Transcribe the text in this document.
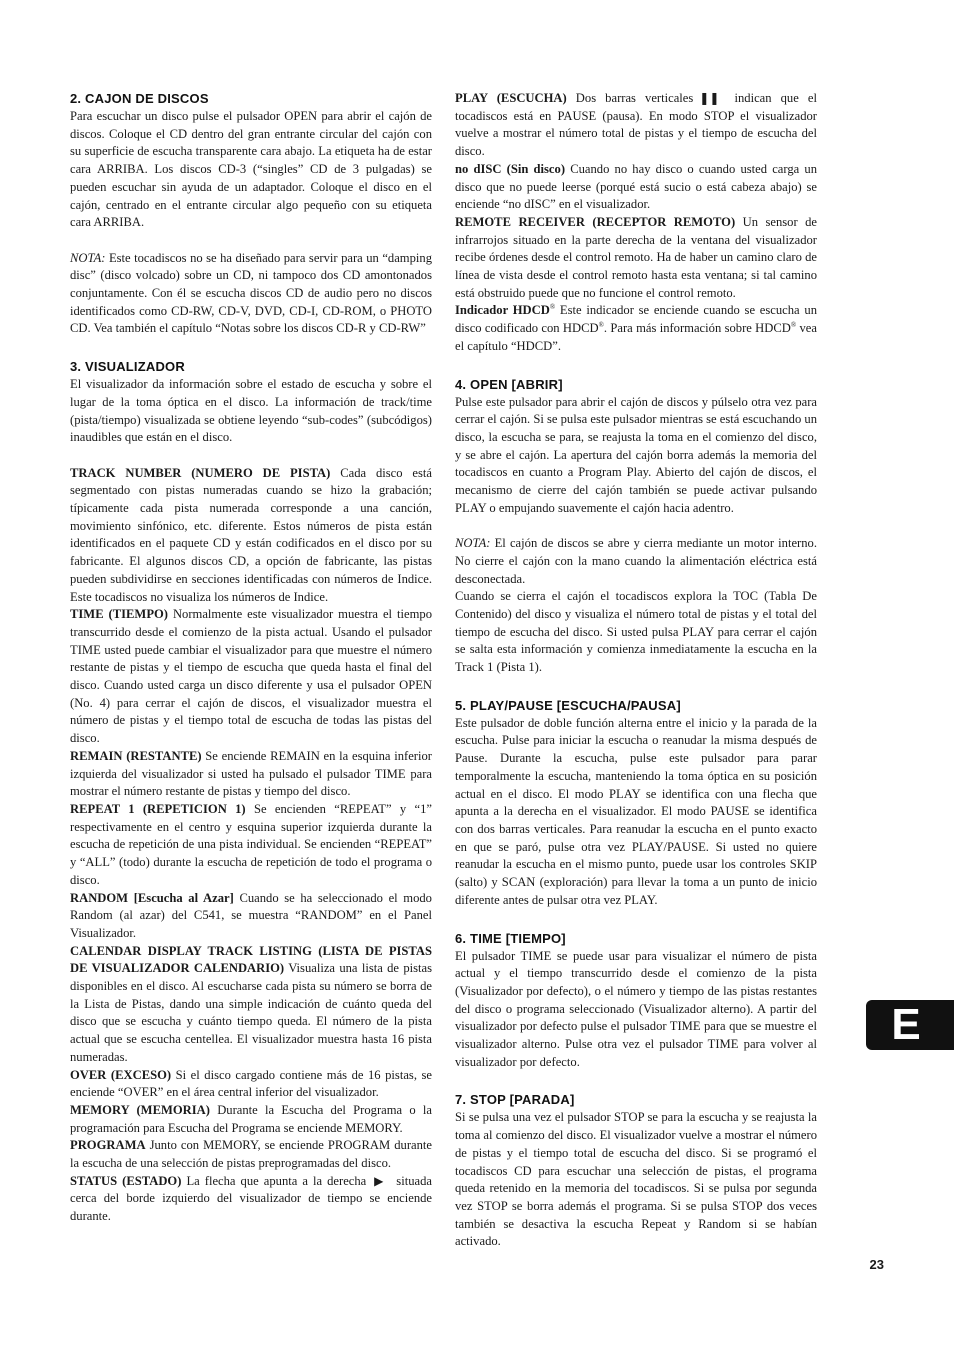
2. CAJON DE DISCOS

Para escuchar un disco pulse el pulsador OPEN para abrir el cajón de discos. Coloque el CD dentro del gran entrante circular del cajón con su superficie de escucha transparente cara abajo. La etiqueta ha de estar cara ARRIBA. Los discos CD-3 (“singles” CD de 3 pulgadas) se pueden escuchar sin ayuda de un adaptador. Coloque el disco en el cajón, centrado en el entrante circular algo pequeño con su etiqueta cara ARRIBA.

NOTA: Este tocadiscos no se ha diseñado para servir para un “damping disc” (disco volcado) sobre un CD, ni tampoco dos CD amontonados conjuntamente. Con él se escucha discos CD de audio pero no discos identificados como CD-RW, CD-V, DVD, CD-I, CD-ROM, o PHOTO CD. Vea también el capítulo “Notas sobre los discos CD-R y CD-RW”

3. VISUALIZADOR

El visualizador da información sobre el estado de escucha y sobre el lugar de la toma óptica en el disco. La información de track/time (pista/tiempo) visualizada se obtiene leyendo “sub-codes” (subcódigos) inaudibles que están en el disco.

TRACK NUMBER (NUMERO DE PISTA) Cada disco está segmentado con pistas numeradas cuando se hizo la grabación; típicamente cada pista numerada corresponde a una canción, movimiento sinfónico, etc. diferente. Estos números de pista están identificados en el paquete CD y están codificados en el disco por su fabricante. El algunos discos CD, a opción de fabricante, las pistas pueden subdividirse en secciones identificadas con números de Indice. Este tocadiscos no visualiza los números de Indice.

TIME (TIEMPO) Normalmente este visualizador muestra el tiempo transcurrido desde el comienzo de la pista actual. Usando el pulsador TIME usted puede cambiar el visualizador para que muestre el número restante de pistas y el tiempo de escucha que queda hasta el final del disco. Cuando usted carga un disco diferente y usa el pulsador OPEN (No. 4) para cerrar el cajón de discos, el visualizador muestra el número de pistas y el tiempo total de escucha de todas las pistas del disco.

REMAIN (RESTANTE) Se enciende REMAIN en la esquina inferior izquierda del visualizador si usted ha pulsado el pulsador TIME para mostrar el número restante de pistas y tiempo del disco.

REPEAT 1 (REPETICION 1) Se encienden “REPEAT” y “1” respectivamente en el centro y esquina superior izquierda durante la escucha de repetición de una pista individual. Se encienden “REPEAT” y “ALL” (todo) durante la escucha de repetición de todo el programa o disco.

RANDOM [Escucha al Azar] Cuando se ha seleccionado el modo Random (al azar) del C541, se muestra “RANDOM” en el Panel Visualizador.

CALENDAR DISPLAY TRACK LISTING (LISTA DE PISTAS DE VISUALIZADOR CALENDARIO) Visualiza una lista de pistas disponibles en el disco. Al escucharse cada pista su número se borra de la Lista de Pistas, dando una simple indicación de cuánto queda del disco que se escucha y cuánto tiempo queda. El número de la pista actual que se escucha centellea. El visualizador muestra hasta 16 pista numeradas.

OVER (EXCESO) Si el disco cargado contiene más de 16 pistas, se enciende “OVER” en el área central inferior del visualizador.

MEMORY (MEMORIA) Durante la Escucha del Programa o la programación para Escucha del Programa se enciende MEMORY.

PROGRAMA Junto con MEMORY, se enciende PROGRAM durante la escucha de una selección de pistas preprogramadas del disco.

STATUS (ESTADO) La flecha que apunta a la derecha ▶ situada cerca del borde izquierdo del visualizador de tiempo se enciende durante.

PLAY (ESCUCHA) Dos barras verticales ❚❚ indican que el tocadiscos está en PAUSE (pausa). En modo STOP el visualizador vuelve a mostrar el número total de pistas y el tiempo de escucha del disco.

no dISC (Sin disco) Cuando no hay disco o cuando usted carga un disco que no puede leerse (porqué está sucio o está cabeza abajo) se enciende “no dISC” en el visualizador.

REMOTE RECEIVER (RECEPTOR REMOTO) Un sensor de infrarrojos situado en la parte derecha de la ventana del visualizador recibe órdenes desde el control remoto. Ha de haber un camino claro de línea de vista desde el control remoto hasta esta ventana; si tal camino está obstruido puede que no funcione el control remoto.

Indicador HDCD® Este indicador se enciende cuando se escucha un disco codificado con HDCD®. Para más información sobre HDCD® vea el capítulo “HDCD”.

4. OPEN [ABRIR]

Pulse este pulsador para abrir el cajón de discos y púlselo otra vez para cerrar el cajón. Si se pulsa este pulsador mientras se está escuchando un disco, la escucha se para, se reajusta la toma en el comienzo del disco, y se abre el cajón. La apertura del cajón borra además la memoria del tocadiscos en cuanto a Program Play. Abierto del cajón de discos, el mecanismo de cierre del cajón también se puede activar pulsando PLAY o empujando suavemente el cajón hacia adentro.

NOTA: El cajón de discos se abre y cierra mediante un motor interno. No cierre el cajón con la mano cuando la alimentación eléctrica está desconectada.

Cuando se cierra el cajón el tocadiscos explora la TOC (Tabla De Contenido) del disco y visualiza el número total de pistas y el total del tiempo de escucha del disco. Si usted pulsa PLAY para cerrar el cajón se salta esta información y comienza inmediatamente la escucha en la Track 1 (Pista 1).

5. PLAY/PAUSE [ESCUCHA/PAUSA]

Este pulsador de doble función alterna entre el inicio y la parada de la escucha. Pulse para iniciar la escucha o reanudar la misma después de Pause. Durante la escucha, pulse este pulsador para parar temporalmente la escucha, manteniendo la toma óptica en su posición actual en el disco. El modo PLAY se identifica con una flecha que apunta a la derecha en el visualizador. El modo PAUSE se identifica con dos barras verticales. Para reanudar la escucha en el punto exacto en que se paró, pulse otra vez PLAY/PAUSE. Si usted no quiere reanudar la escucha en el mismo punto, puede usar los controles SKIP (salto) y SCAN (exploración) para llevar la toma a un punto de inicio diferente antes de pulsar otra vez PLAY.

6. TIME [TIEMPO]

El pulsador TIME se puede usar para visualizar el número de pista actual y el tiempo transcurrido desde el comienzo de la pista (Visualizador por defecto), o el número y tiempo de las pistas restantes del disco o programa seleccionado (Visualizador alterno). A partir del visualizador por defecto pulse el pulsador TIME para que se muestre el visualizador alterno. Pulse otra vez el pulsador TIME para volver al visualizador por defecto.

7. STOP [PARADA]

Si se pulsa una vez el pulsador STOP se para la escucha y se reajusta la toma al comienzo del disco. El visualizador vuelve a mostrar el número de pistas y el tiempo total de escucha del disco. Si se programó el tocadiscos CD para escuchar una selección de pistas, el programa queda retenido en la memoria del tocadiscos. Si se pulsa por segunda vez STOP se borra además el programa. Si se pulsa STOP dos veces también se desactiva la escucha Repeat y Random si se habían activado.

E
23
